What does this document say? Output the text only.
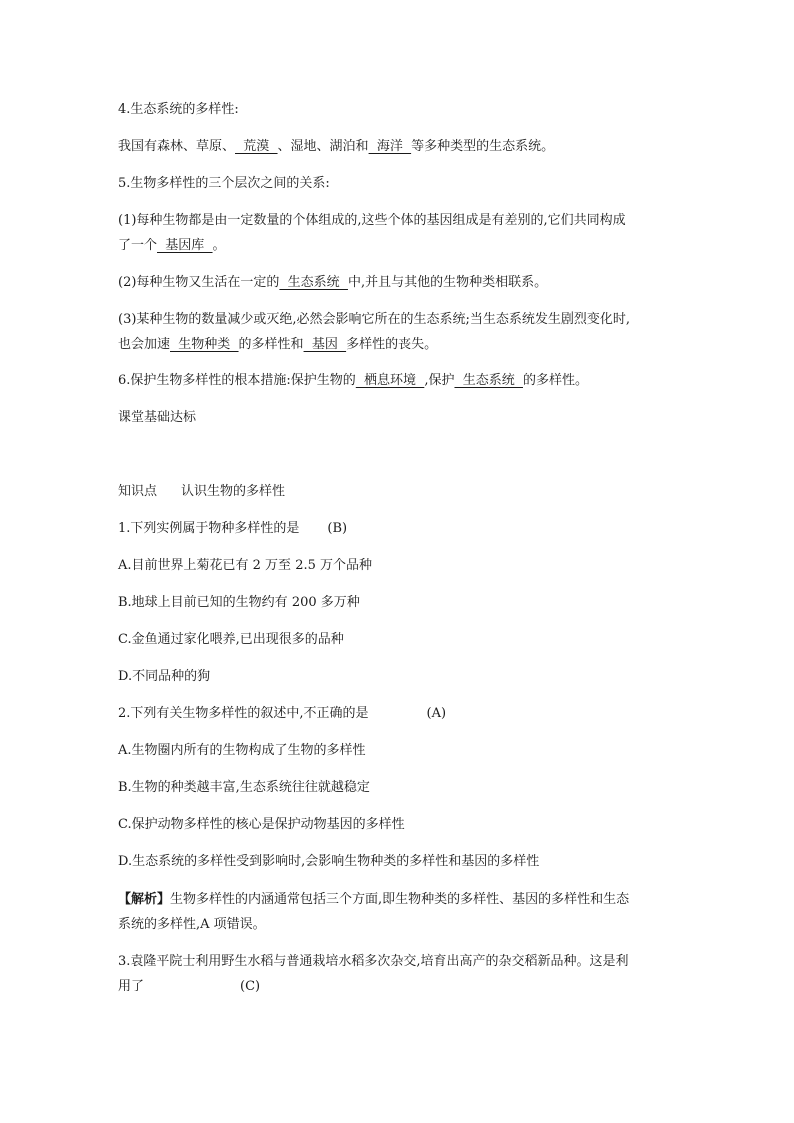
4.生态系统的多样性:
我国有森林、草原、  荒漠  、湿地、湖泊和  海洋  等多种类型的生态系统。
5.生物多样性的三个层次之间的关系:
(1)每种生物都是由一定数量的个体组成的,这些个体的基因组成是有差别的,它们共同构成
了一个  基因库  。
(2)每种生物又生活在一定的  生态系统  中,并且与其他的生物种类相联系。
(3)某种生物的数量减少或灭绝,必然会影响它所在的生态系统;当生态系统发生剧烈变化时,
也会加速  生物种类  的多样性和  基因  多样性的丧失。
6.保护生物多样性的根本措施:保护生物的  栖息环境  ,保护  生态系统  的多样性。
课堂基础达标
知识点 认识生物的多样性
1.下列实例属于物种多样性的是 (B)
A.目前世界上菊花已有 2 万至 2.5 万个品种
B.地球上目前已知的生物约有 200 多万种
C.金鱼通过家化喂养,已出现很多的品种
D.不同品种的狗
2.下列有关生物多样性的叙述中,不正确的是	(A)
A.生物圈内所有的生物构成了生物的多样性
B.生物的种类越丰富,生态系统往往就越稳定
C.保护动物多样性的核心是保护动物基因的多样性
D.生态系统的多样性受到影响时,会影响生物种类的多样性和基因的多样性
【解析】生物多样性的内涵通常包括三个方面,即生物种类的多样性、基因的多样性和生态
系统的多样性,A 项错误。
3.袁隆平院士利用野生水稻与普通栽培水稻多次杂交,培育出高产的杂交稻新品种。这是利
用了	(C)
